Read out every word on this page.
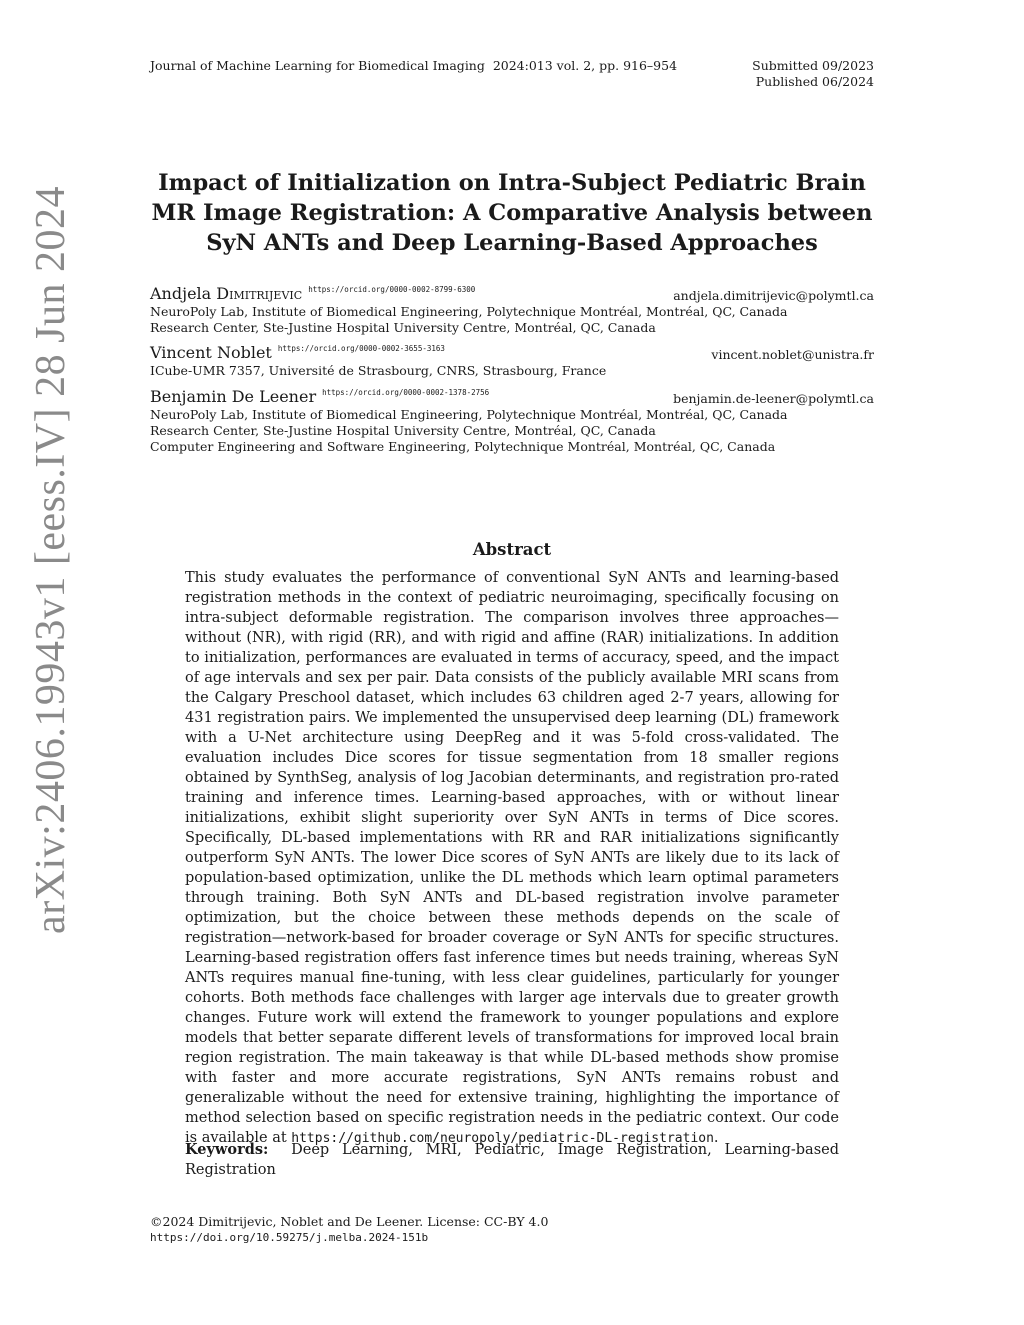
Journal of Machine Learning for Biomedical Imaging 2024:013 vol. 2, pp. 916–954	Submitted 09/2023
Published 06/2024
arXiv:2406.19943v1 [eess.IV] 28 Jun 2024
Impact of Initialization on Intra-Subject Pediatric Brain MR Image Registration: A Comparative Analysis between SyN ANTs and Deep Learning-Based Approaches
Andjela Dimitrijevic $^{https://orcid.org/0000-0002-8799-6300}$	andjela.dimitrijevic@polymtl.ca
NeuroPoly Lab, Institute of Biomedical Engineering, Polytechnique Montréal, Montréal, QC, Canada
Research Center, Ste-Justine Hospital University Centre, Montréal, QC, Canada
Vincent Noblet $^{https://orcid.org/0000-0002-3655-3163}$	vincent.noblet@unistra.fr
ICube-UMR 7357, Université de Strasbourg, CNRS, Strasbourg, France
Benjamin De Leener $^{https://orcid.org/0000-0002-1378-2756}$	benjamin.de-leener@polymtl.ca
NeuroPoly Lab, Institute of Biomedical Engineering, Polytechnique Montréal, Montréal, QC, Canada
Research Center, Ste-Justine Hospital University Centre, Montréal, QC, Canada
Computer Engineering and Software Engineering, Polytechnique Montréal, Montréal, QC, Canada
Abstract
This study evaluates the performance of conventional SyN ANTs and learning-based registration methods in the context of pediatric neuroimaging, specifically focusing on intra-subject deformable registration. The comparison involves three approaches—without (NR), with rigid (RR), and with rigid and affine (RAR) initializations. In addition to initialization, performances are evaluated in terms of accuracy, speed, and the impact of age intervals and sex per pair. Data consists of the publicly available MRI scans from the Calgary Preschool dataset, which includes 63 children aged 2-7 years, allowing for 431 registration pairs. We implemented the unsupervised deep learning (DL) framework with a U-Net architecture using DeepReg and it was 5-fold cross-validated. The evaluation includes Dice scores for tissue segmentation from 18 smaller regions obtained by SynthSeg, analysis of log Jacobian determinants, and registration pro-rated training and inference times. Learning-based approaches, with or without linear initializations, exhibit slight superiority over SyN ANTs in terms of Dice scores. Specifically, DL-based implementations with RR and RAR initializations significantly outperform SyN ANTs. The lower Dice scores of SyN ANTs are likely due to its lack of population-based optimization, unlike the DL methods which learn optimal parameters through training. Both SyN ANTs and DL-based registration involve parameter optimization, but the choice between these methods depends on the scale of registration—network-based for broader coverage or SyN ANTs for specific structures. Learning-based registration offers fast inference times but needs training, whereas SyN ANTs requires manual fine-tuning, with less clear guidelines, particularly for younger cohorts. Both methods face challenges with larger age intervals due to greater growth changes. Future work will extend the framework to younger populations and explore models that better separate different levels of transformations for improved local brain region registration. The main takeaway is that while DL-based methods show promise with faster and more accurate registrations, SyN ANTs remains robust and generalizable without the need for extensive training, highlighting the importance of method selection based on specific registration needs in the pediatric context. Our code is available at https://github.com/neuropoly/pediatric-DL-registration.
Keywords: Deep Learning, MRI, Pediatric, Image Registration, Learning-based Registration
©2024 Dimitrijevic, Noblet and De Leener. License: CC-BY 4.0
https://doi.org/10.59275/j.melba.2024-151b
